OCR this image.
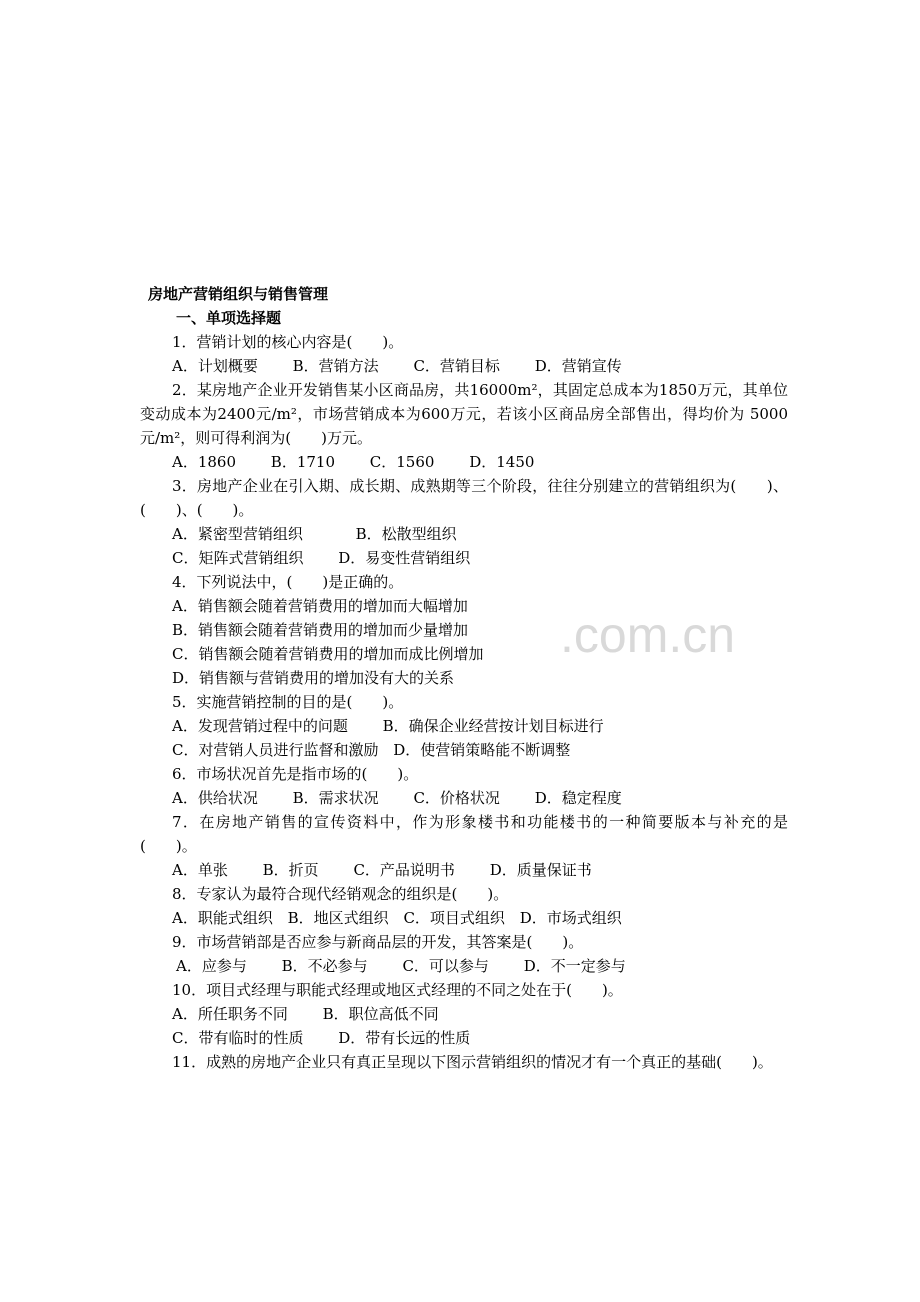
.com.cn

房地产营销组织与销售管理

一、单项选择题

1．营销计划的核心内容是(　　)。

A．计划概要 B．营销方法 C．营销目标 D．营销宣传

2．某房地产企业开发销售某小区商品房，共16000m²，其固定总成本为1850万元，其单位变动成本为2400元/m²，市场营销成本为600万元，若该小区商品房全部售出，得均价为 5000元/m²，则可得利润为(　　)万元。

A．1860 B．1710 C．1560 D．1450

3．房地产企业在引入期、成长期、成熟期等三个阶段，往往分别建立的营销组织为(　　)、(　　)、(　　)。

A．紧密型营销组织	B．松散型组织
C．矩阵式营销组织 D．易变性营销组织

4．下列说法中，(　　)是正确的。

A．销售额会随着营销费用的增加而大幅增加
B．销售额会随着营销费用的增加而少量增加
C．销售额会随着营销费用的增加而成比例增加
D．销售额与营销费用的增加没有大的关系

5．实施营销控制的目的是(　　)。

A．发现营销过程中的问题 B．确保企业经营按计划目标进行
C．对营销人员进行监督和激励 D．使营销策略能不断调整

6．市场状况首先是指市场的(　　)。

A．供给状况 B．需求状况 C．价格状况 D．稳定程度

7．在房地产销售的宣传资料中，作为形象楼书和功能楼书的一种简要版本与补充的是(　　)。

A．单张 B．折页 C．产品说明书 D．质量保证书

8．专家认为最符合现代经销观念的组织是(　　)。

A．职能式组织 B．地区式组织 C．项目式组织 D．市场式组织

9．市场营销部是否应参与新商品层的开发，其答案是(　　)。

A．应参与 B．不必参与 C．可以参与 D．不一定参与

10．项目式经理与职能式经理或地区式经理的不同之处在于(　　)。

A．所任职务不同 B．职位高低不同
C．带有临时的性质 D．带有长远的性质

11．成熟的房地产企业只有真正呈现以下图示营销组织的情况才有一个真正的基础(　　)。
